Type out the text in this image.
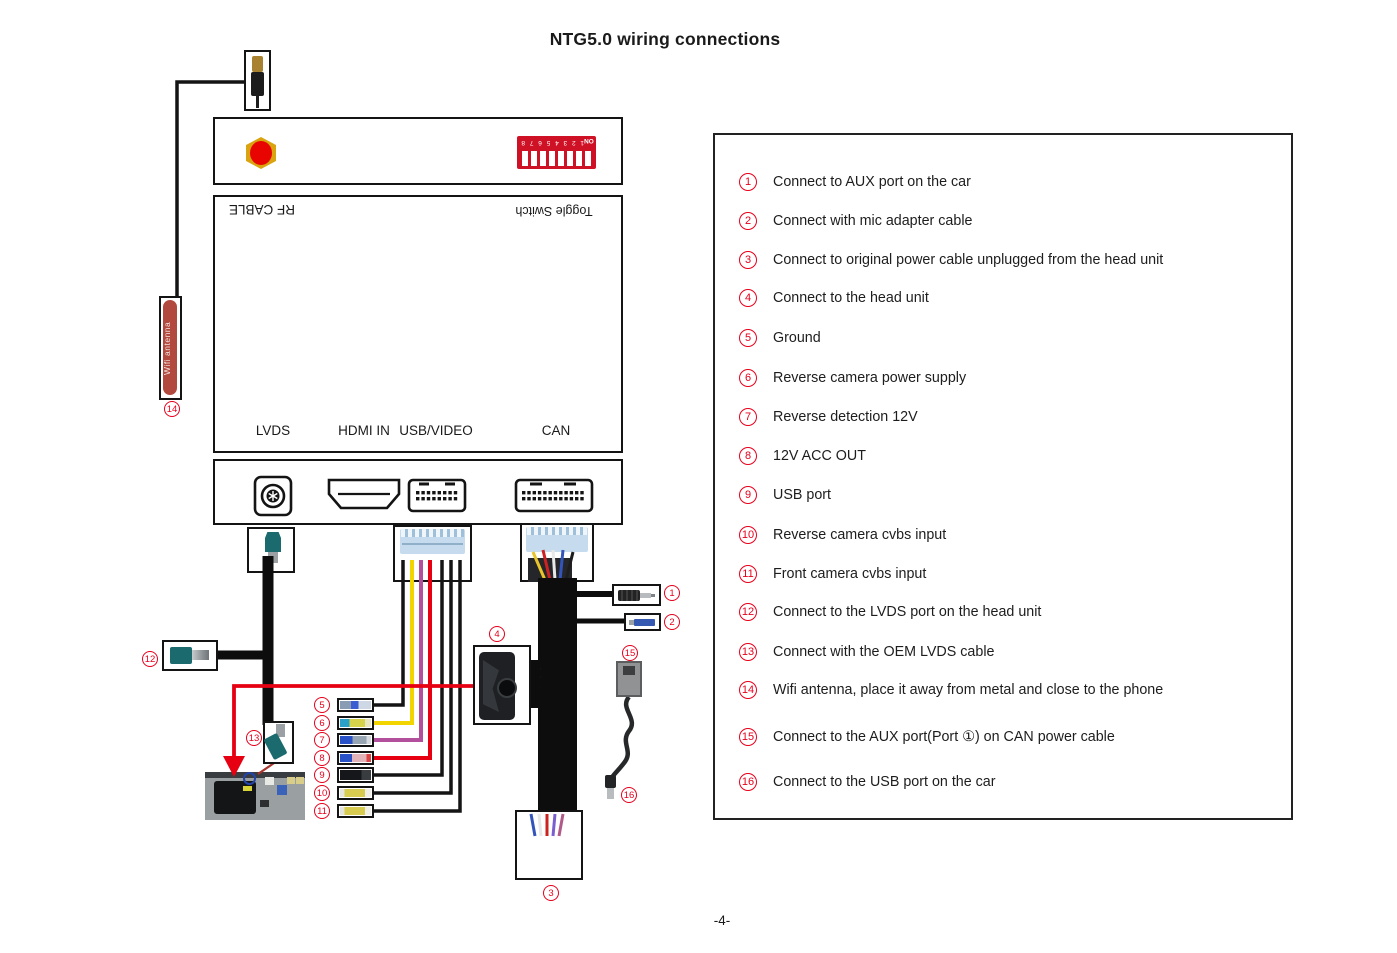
NTG5.0 wiring connections
1 2 3 4 5 6 7 8 ON
RF CABLE	Toggle Switch
LVDS	HDMI IN USB/VIDEO	CAN
Wifi antenna
1
2
3
4
5
6
7
8
9
10
11
12
13
14
15
16
1	Connect to AUX port on the car
2	Connect with mic adapter cable
3	Connect to original power cable unplugged from the head unit
4	Connect to the head unit
5	Ground
6	Reverse camera power supply
7	Reverse detection 12V
8	12V ACC OUT
9	USB port
10 Reverse camera cvbs input
11 Front camera cvbs input
12 Connect to the LVDS port on the head unit
13 Connect with the OEM LVDS cable
14 Wifi antenna, place it away from metal and close to the phone
15 Connect to the AUX port(Port ①) on CAN power cable
16 Connect to the USB port on the car
-4-
